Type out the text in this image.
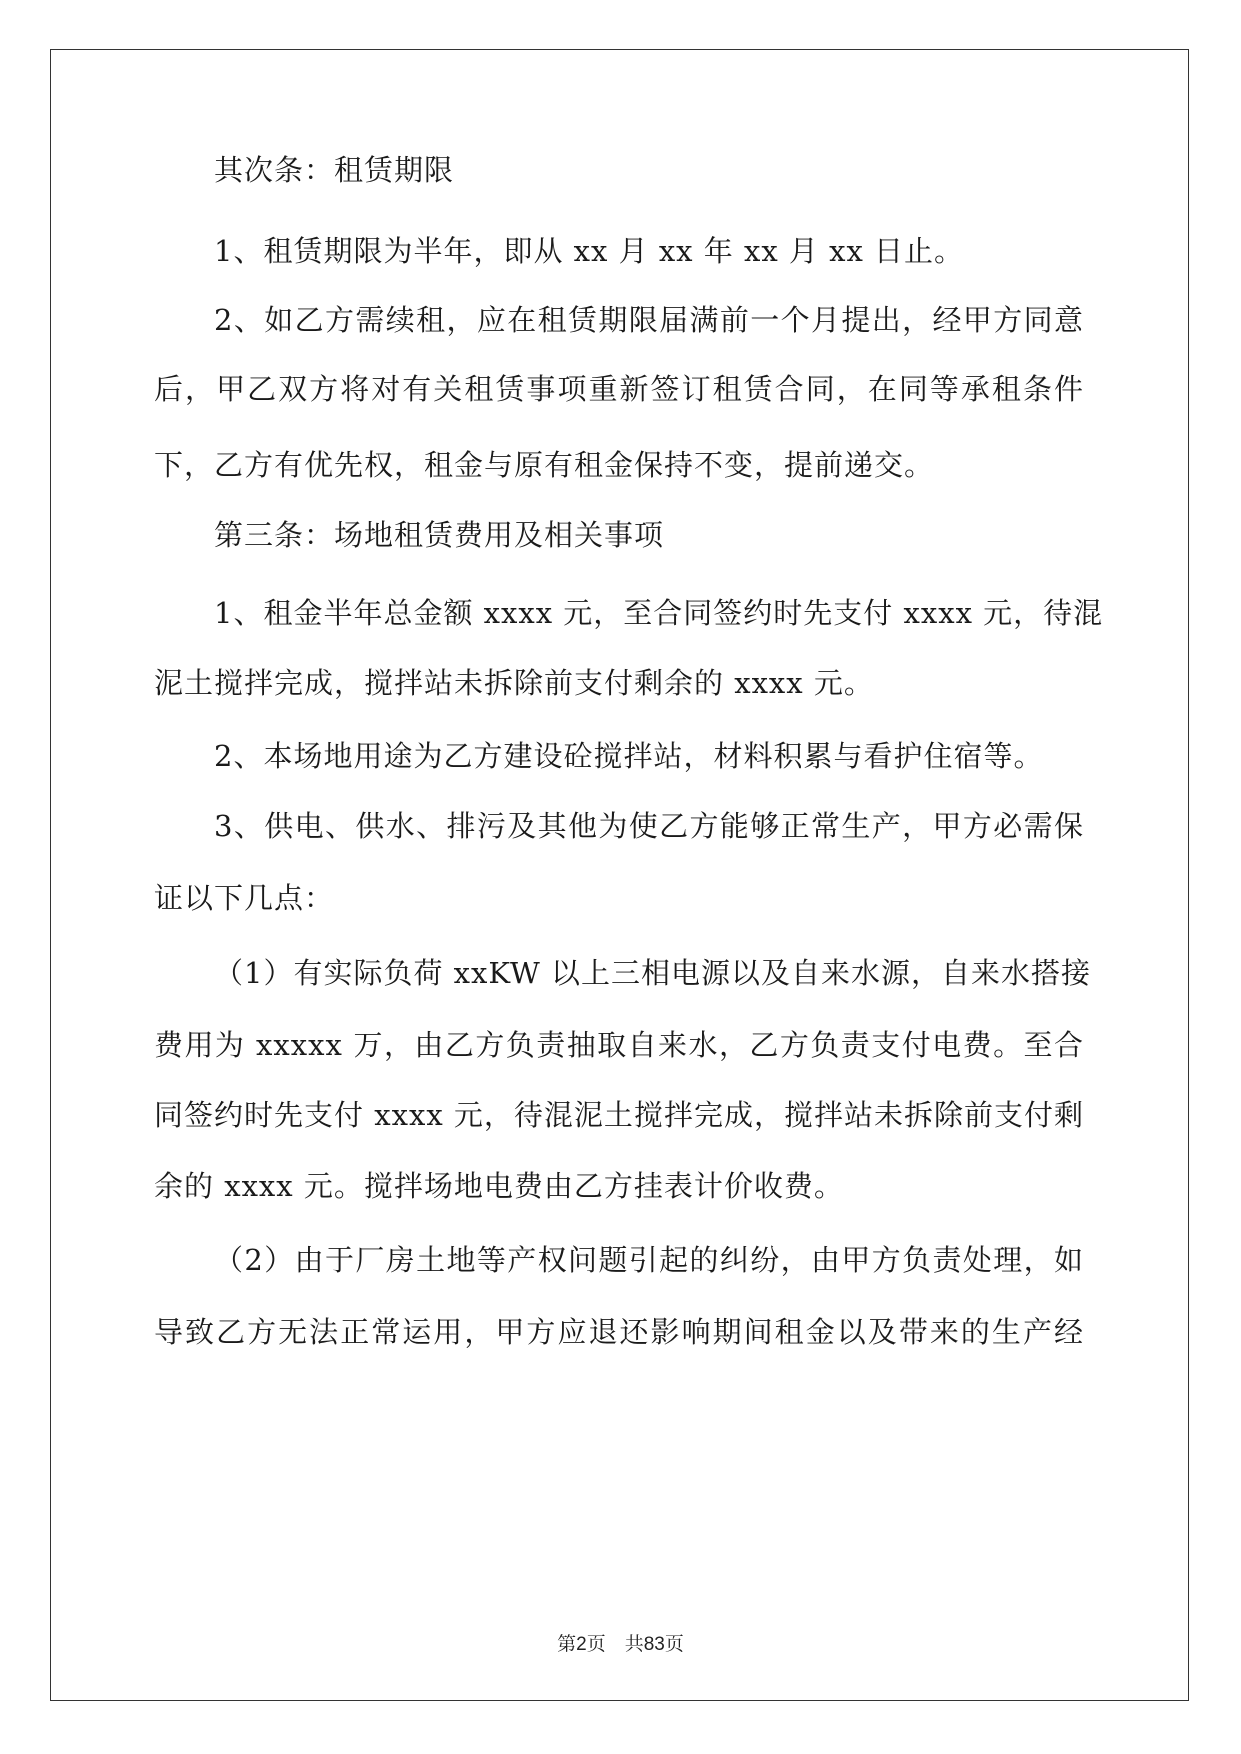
其次条：租赁期限
1、租赁期限为半年，即从 xx 月 xx 年 xx 月 xx 日止。
2、如乙方需续租，应在租赁期限届满前一个月提出，经甲方同意
后，甲乙双方将对有关租赁事项重新签订租赁合同，在同等承租条件
下，乙方有优先权，租金与原有租金保持不变，提前递交。
第三条：场地租赁费用及相关事项
1、租金半年总金额 xxxx 元，至合同签约时先支付 xxxx 元，待混
泥土搅拌完成，搅拌站未拆除前支付剩余的 xxxx 元。
2、本场地用途为乙方建设砼搅拌站，材料积累与看护住宿等。
3、供电、供水、排污及其他为使乙方能够正常生产，甲方必需保
证以下几点：
（1）有实际负荷 xxKW 以上三相电源以及自来水源，自来水搭接
费用为 xxxxx 万，由乙方负责抽取自来水，乙方负责支付电费。至合
同签约时先支付 xxxx 元，待混泥土搅拌完成，搅拌站未拆除前支付剩
余的 xxxx 元。搅拌场地电费由乙方挂表计价收费。
（2）由于厂房土地等产权问题引起的纠纷，由甲方负责处理，如
导致乙方无法正常运用，甲方应退还影响期间租金以及带来的生产经
第2页　共83页
